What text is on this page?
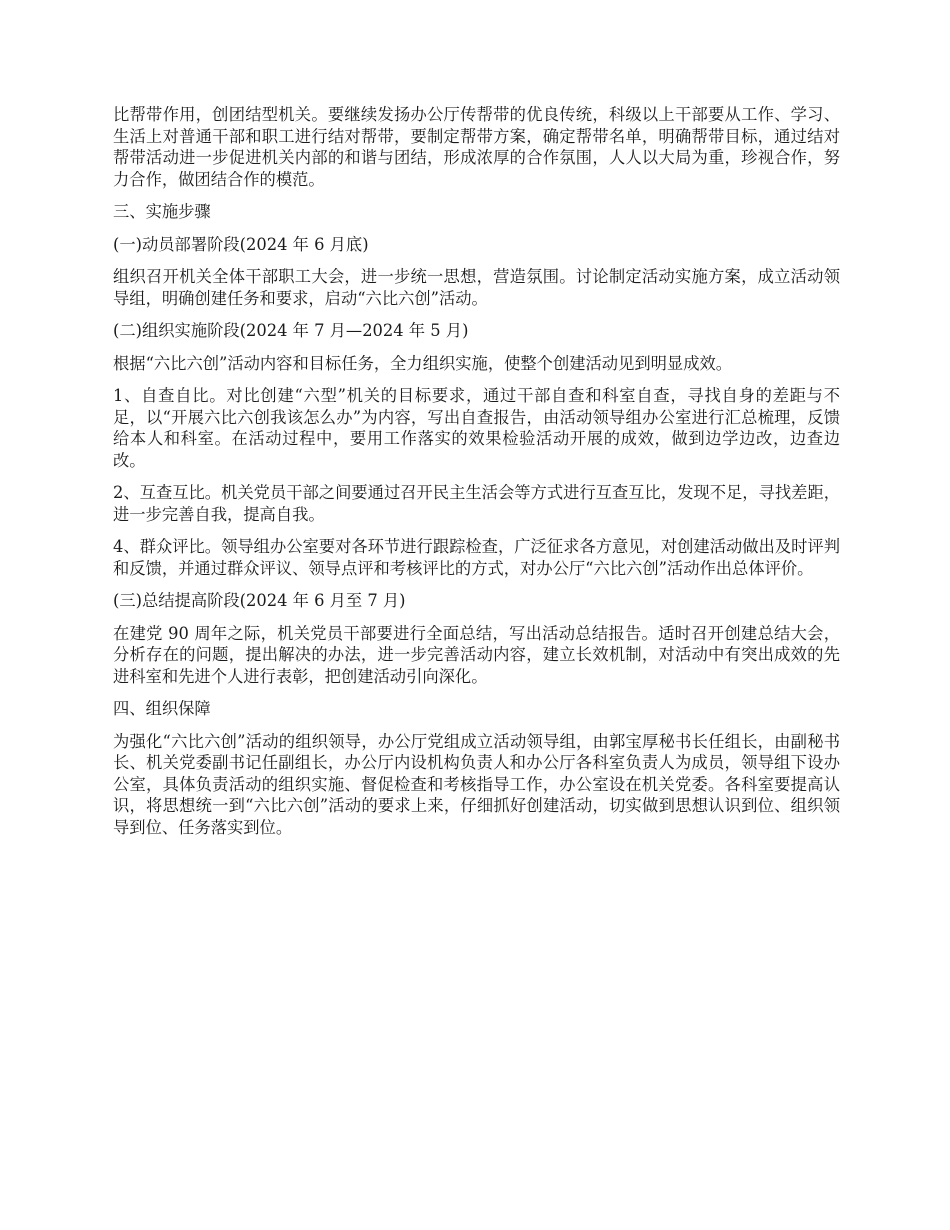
比帮带作用，创团结型机关。要继续发扬办公厅传帮带的优良传统，科级以上干部要从工作、学习、生活上对普通干部和职工进行结对帮带，要制定帮带方案，确定帮带名单，明确帮带目标，通过结对帮带活动进一步促进机关内部的和谐与团结，形成浓厚的合作氛围，人人以大局为重，珍视合作，努力合作，做团结合作的模范。

三、实施步骤

(一)动员部署阶段(2024 年 6 月底)

组织召开机关全体干部职工大会，进一步统一思想，营造氛围。讨论制定活动实施方案，成立活动领导组，明确创建任务和要求，启动“六比六创”活动。

(二)组织实施阶段(2024 年 7 月—2024 年 5 月)

根据“六比六创”活动内容和目标任务，全力组织实施，使整个创建活动见到明显成效。

1、自查自比。对比创建“六型”机关的目标要求，通过干部自查和科室自查，寻找自身的差距与不足，以“开展六比六创我该怎么办”为内容，写出自查报告，由活动领导组办公室进行汇总梳理，反馈给本人和科室。在活动过程中，要用工作落实的效果检验活动开展的成效，做到边学边改，边查边改。

2、互查互比。机关党员干部之间要通过召开民主生活会等方式进行互查互比，发现不足，寻找差距，进一步完善自我，提高自我。

4、群众评比。领导组办公室要对各环节进行跟踪检查，广泛征求各方意见，对创建活动做出及时评判和反馈，并通过群众评议、领导点评和考核评比的方式，对办公厅“六比六创”活动作出总体评价。

(三)总结提高阶段(2024 年 6 月至 7 月)

在建党 90 周年之际，机关党员干部要进行全面总结，写出活动总结报告。适时召开创建总结大会，分析存在的问题，提出解决的办法，进一步完善活动内容，建立长效机制，对活动中有突出成效的先进科室和先进个人进行表彰，把创建活动引向深化。

四、组织保障

为强化“六比六创”活动的组织领导，办公厅党组成立活动领导组，由郭宝厚秘书长任组长，由副秘书长、机关党委副书记任副组长，办公厅内设机构负责人和办公厅各科室负责人为成员，领导组下设办公室，具体负责活动的组织实施、督促检查和考核指导工作，办公室设在机关党委。各科室要提高认识，将思想统一到“六比六创”活动的要求上来，仔细抓好创建活动，切实做到思想认识到位、组织领导到位、任务落实到位。
